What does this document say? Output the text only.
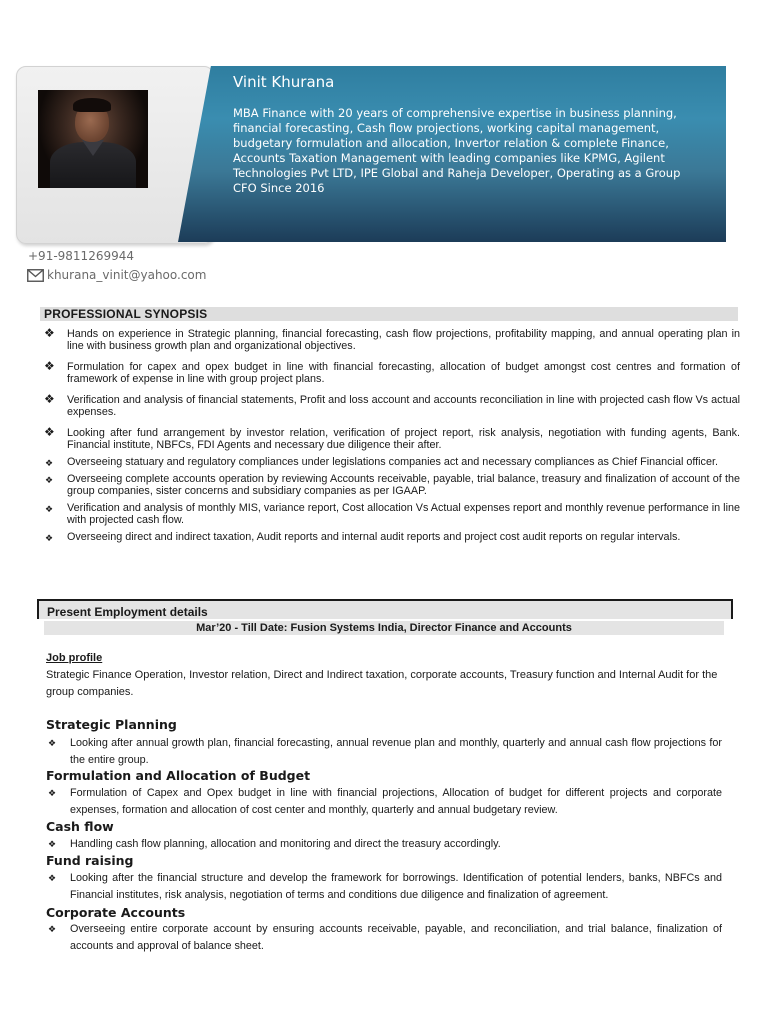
Vinit Khurana
MBA Finance with 20 years of comprehensive expertise in business planning, financial forecasting, Cash flow projections, working capital management, budgetary formulation and allocation, Invertor relation & complete Finance, Accounts Taxation Management with leading companies like KPMG, Agilent Technologies Pvt LTD, IPE Global and Raheja Developer, Operating as a Group CFO Since 2016
+91-9811269944
khurana_vinit@yahoo.com
PROFESSIONAL SYNOPSIS
❖ Hands on experience in Strategic planning, financial forecasting, cash flow projections, profitability mapping, and annual operating plan in line with business growth plan and organizational objectives.
❖ Formulation for capex and opex budget in line with financial forecasting, allocation of budget amongst cost centres and formation of framework of expense in line with group project plans.
❖ Verification and analysis of financial statements, Profit and loss account and accounts reconciliation in line with projected cash flow Vs actual expenses.
❖ Looking after fund arrangement by investor relation, verification of project report, risk analysis, negotiation with funding agents, Bank. Financial institute, NBFCs, FDI Agents and necessary due diligence their after.
❖ Overseeing statuary and regulatory compliances under legislations companies act and necessary compliances as Chief Financial officer.
❖ Overseeing complete accounts operation by reviewing Accounts receivable, payable, trial balance, treasury and finalization of account of the group companies, sister concerns and subsidiary companies as per IGAAP.
❖ Verification and analysis of monthly MIS, variance report, Cost allocation Vs Actual expenses report and monthly revenue performance in line with projected cash flow.
❖ Overseeing direct and indirect taxation, Audit reports and internal audit reports and project cost audit reports on regular intervals.
Present Employment details
Mar’20 - Till Date: Fusion Systems India, Director Finance and Accounts
Job profile
Strategic Finance Operation, Investor relation, Direct and Indirect taxation, corporate accounts, Treasury function and Internal Audit for the group companies.
Strategic Planning
❖ Looking after annual growth plan, financial forecasting, annual revenue plan and monthly, quarterly and annual cash flow projections for the entire group.
Formulation and Allocation of Budget
❖ Formulation of Capex and Opex budget in line with financial projections, Allocation of budget for different projects and corporate expenses, formation and allocation of cost center and monthly, quarterly and annual budgetary review.
Cash flow
❖ Handling cash flow planning, allocation and monitoring and direct the treasury accordingly.
Fund raising
❖ Looking after the financial structure and develop the framework for borrowings. Identification of potential lenders, banks, NBFCs and Financial institutes, risk analysis, negotiation of terms and conditions due diligence and finalization of agreement.
Corporate Accounts
❖ Overseeing entire corporate account by ensuring accounts receivable, payable, and reconciliation, and trial balance, finalization of accounts and approval of balance sheet.
